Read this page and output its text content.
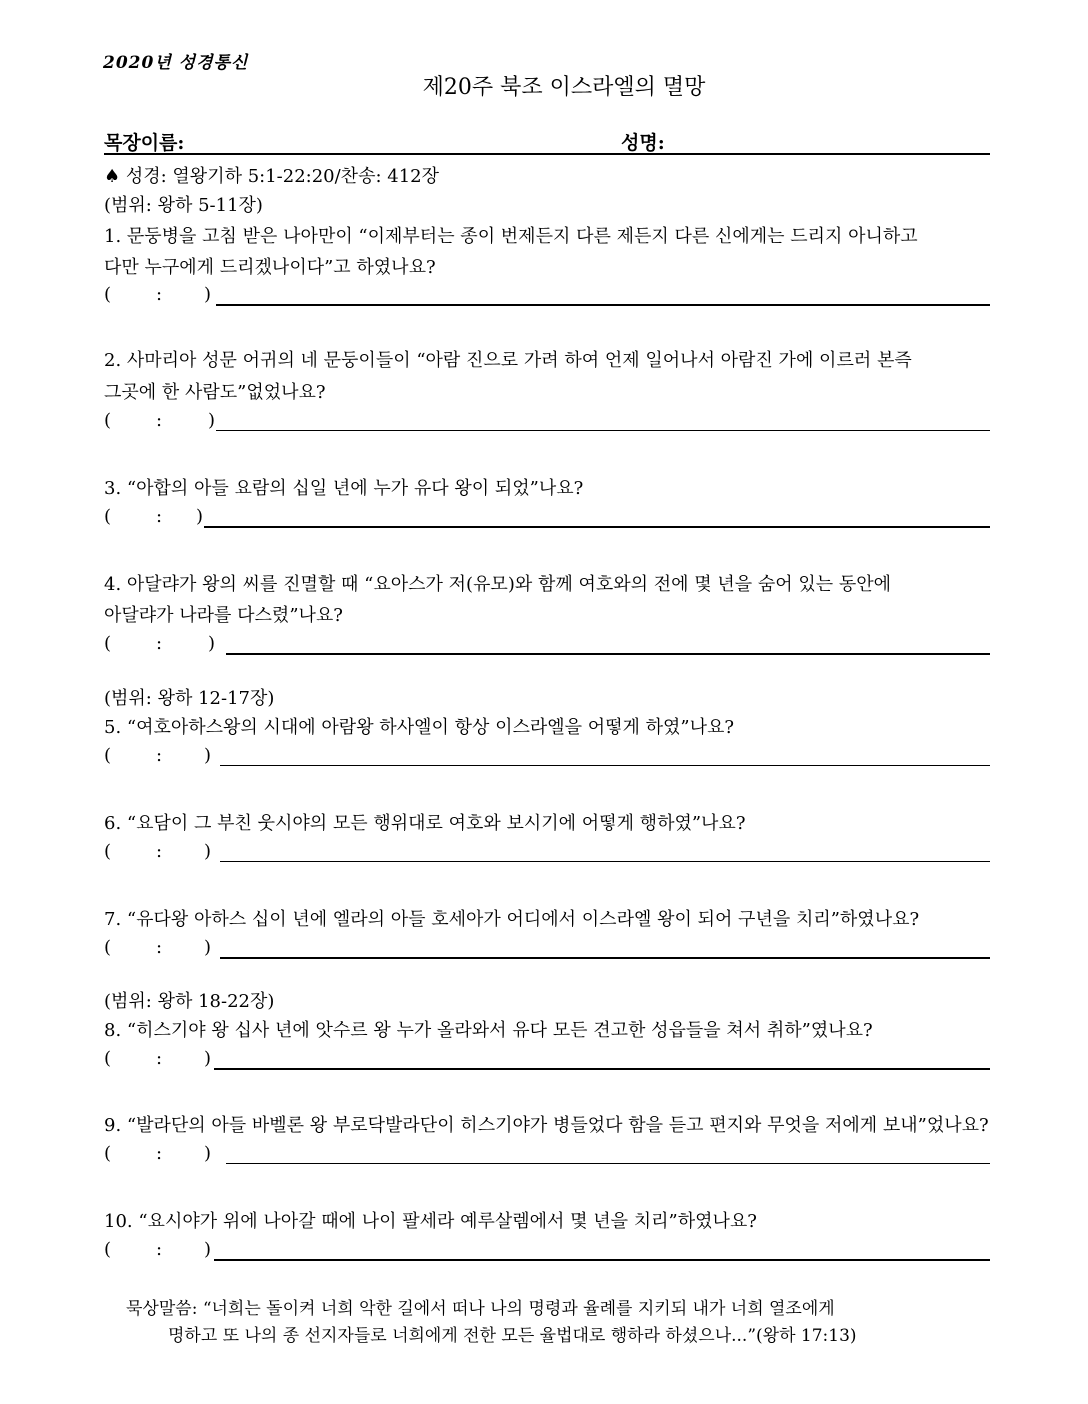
2020년 성경통신
제20주 북조 이스라엘의 멸망
목장이름:	성명:
♠ 성경: 열왕기하 5:1-22:20/찬송: 412장
(범위: 왕하 5-11장)
1. 문둥병을 고침 받은 나아만이 “이제부터는 종이 번제든지 다른 제든지 다른 신에게는 드리지 아니하고
다만 누구에게 드리겠나이다”고 하였나요?
( : )
2. 사마리아 성문 어귀의 네 문둥이들이 “아람 진으로 가려 하여 언제 일어나서 아람진 가에 이르러 본즉
그곳에 한 사람도”없었나요?
( :	)
3. “아합의 아들 요람의 십일 년에 누가 유다 왕이 되었”나요?
( : )
4. 아달랴가 왕의 씨를 진멸할 때 “요아스가 저(유모)와 함께 여호와의 전에 몇 년을 숨어 있는 동안에
아달랴가 나라를 다스렸”나요?
( :	)
(범위: 왕하 12-17장)
5. “여호아하스왕의 시대에 아람왕 하사엘이 항상 이스라엘을 어떻게 하였”나요?
( : )
6. “요담이 그 부친 웃시야의 모든 행위대로 여호와 보시기에 어떻게 행하였”나요?
( : )
7. “유다왕 아하스 십이 년에 엘라의 아들 호세아가 어디에서 이스라엘 왕이 되어 구년을 치리”하였나요?
( : )
(범위: 왕하 18-22장)
8. “히스기야 왕 십사 년에 앗수르 왕 누가 올라와서 유다 모든 견고한 성읍들을 쳐서 취하”였나요?
( : )
9. “발라단의 아들 바벨론 왕 부로닥발라단이 히스기야가 병들었다 함을 듣고 편지와 무엇을 저에게 보내”었나요?
( : )
10. “요시야가 위에 나아갈 때에 나이 팔세라 예루살렘에서 몇 년을 치리”하였나요?
( : )
묵상말씀: “너희는 돌이켜 너희 악한 길에서 떠나 나의 명령과 율례를 지키되 내가 너희 열조에게
명하고 또 나의 종 선지자들로 너희에게 전한 모든 율법대로 행하라 하셨으나...”(왕하 17:13)
